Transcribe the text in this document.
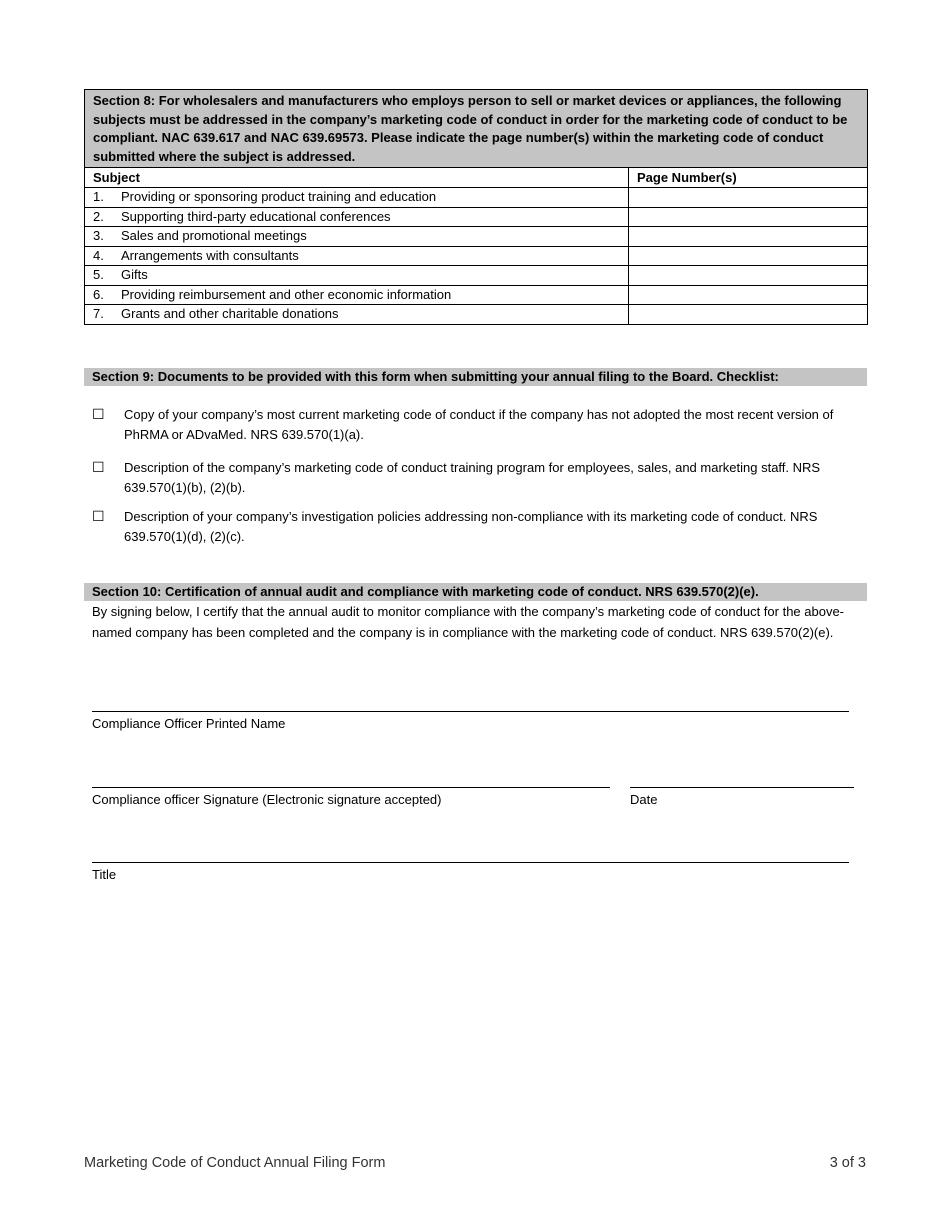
Section 8: For wholesalers and manufacturers who employs person to sell or market devices or appliances, the following subjects must be addressed in the company’s marketing code of conduct in order for the marketing code of conduct to be compliant. NAC 639.617 and NAC 639.69573. Please indicate the page number(s) within the marketing code of conduct submitted where the subject is addressed.	
Subject	Page Number(s)
1. Providing or sponsoring product training and education	
2. Supporting third-party educational conferences	
3. Sales and promotional meetings	
4. Arrangements with consultants	
5. Gifts	
6. Providing reimbursement and other economic information	
7. Grants and other charitable donations	
Section 9: Documents to be provided with this form when submitting your annual filing to the Board. Checklist:
☐ Copy of your company’s most current marketing code of conduct if the company has not adopted the most recent version of PhRMA or ADvaMed. NRS 639.570(1)(a).
☐ Description of the company’s marketing code of conduct training program for employees, sales, and marketing staff. NRS 639.570(1)(b), (2)(b).
☐ Description of your company’s investigation policies addressing non-compliance with its marketing code of conduct. NRS 639.570(1)(d), (2)(c).
Section 10: Certification of annual audit and compliance with marketing code of conduct. NRS 639.570(2)(e).
By signing below, I certify that the annual audit to monitor compliance with the company’s marketing code of conduct for the above-named company has been completed and the company is in compliance with the marketing code of conduct. NRS 639.570(2)(e).
Compliance Officer Printed Name
Compliance officer Signature (Electronic signature accepted)	Date
Title
Marketing Code of Conduct Annual Filing Form	3 of 3
